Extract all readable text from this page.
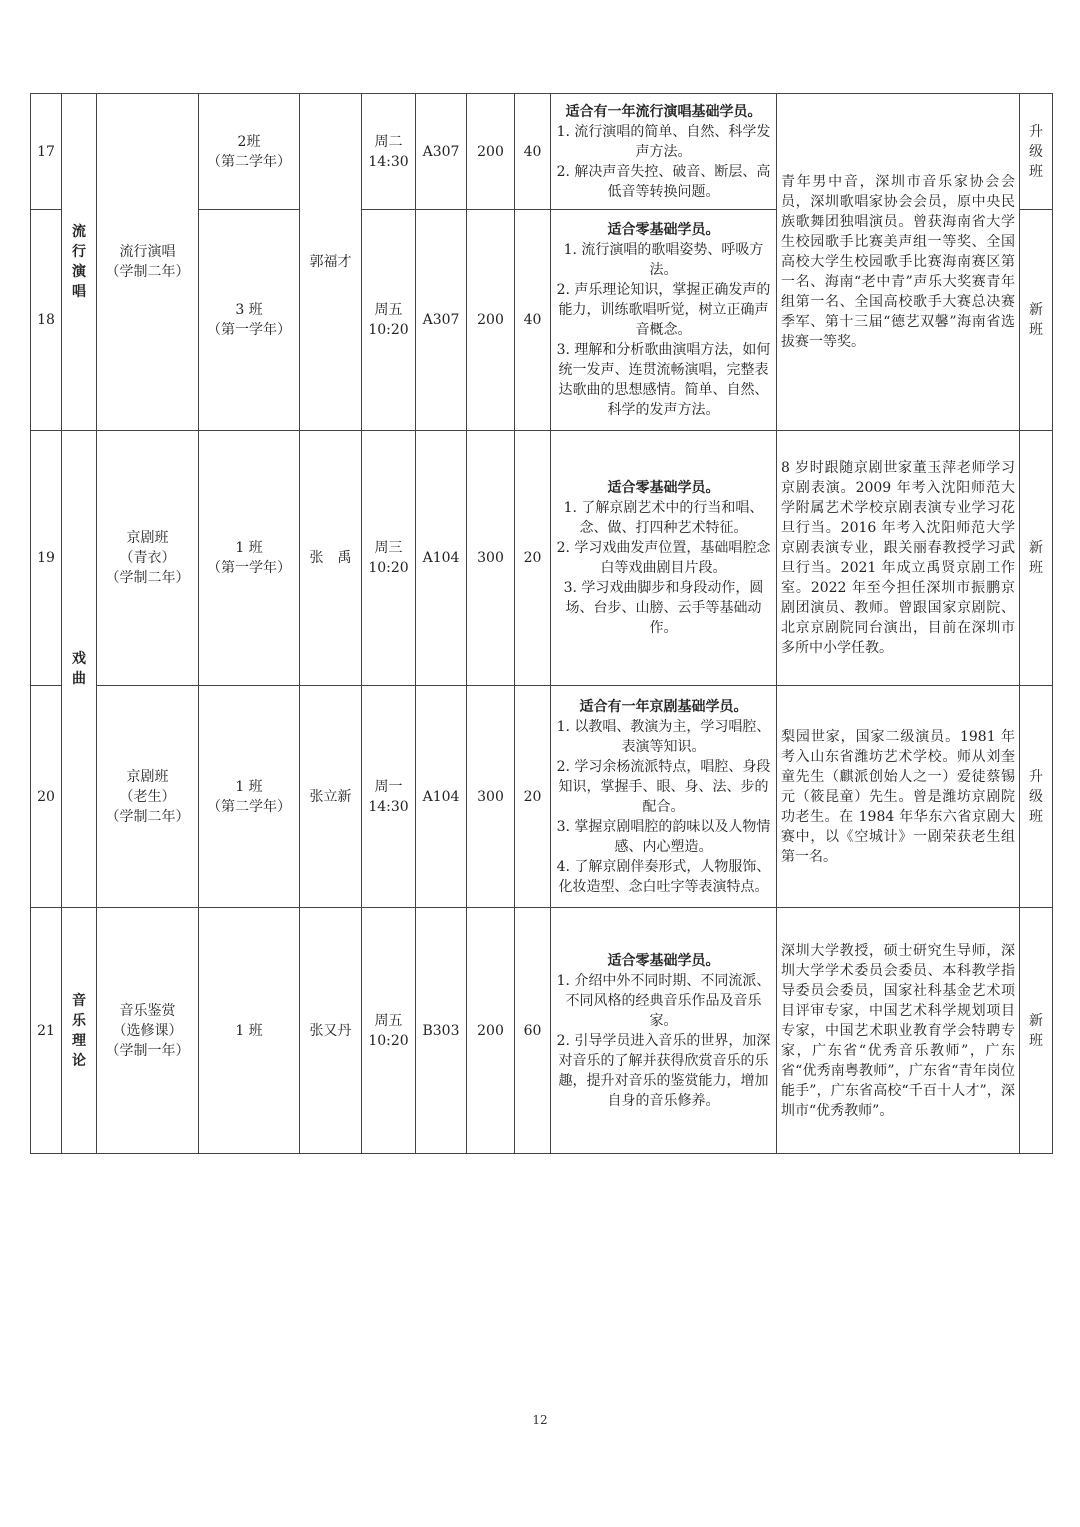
17	流
行
演
唱	流行演唱
（学制二年）	2班
（第二学年）	郭福才	周二
14:30	A307	200	40	适合有一年流行演唱基础学员。
1. 流行演唱的简单、自然、科学发声方法。
2. 解决声音失控、破音、断层、高低音等转换问题。	青年男中音，深圳市音乐家协会会员，深圳歌唱家协会会员，原中央民族歌舞团独唱演员。曾获海南省大学生校园歌手比赛美声组一等奖、全国高校大学生校园歌手比赛海南赛区第一名、海南“老中青”声乐大奖赛青年组第一名、全国高校歌手大赛总决赛季军、第十三届“德艺双馨”海南省选拔赛一等奖。	升
级
班

18			3 班
（第一学年）		周五
10:20	A307	200	40	适合零基础学员。
1. 流行演唱的歌唱姿势、呼吸方法。
2. 声乐理论知识，掌握正确发声的能力，训练歌唱听觉，树立正确声音概念。
3. 理解和分析歌曲演唱方法，如何统一发声、连贯流畅演唱，完整表达歌曲的思想感情。简单、自然、科学的发声方法。		新
班

19	戏
曲	京剧班
（青衣）
（学制二年）	1 班
（第一学年）	张　禹	周三
10:20	A104	300	20	适合零基础学员。
1. 了解京剧艺术中的行当和唱、念、做、打四种艺术特征。
2. 学习戏曲发声位置，基础唱腔念白等戏曲剧目片段。
3. 学习戏曲脚步和身段动作，圆场、台步、山膀、云手等基础动作。	8 岁时跟随京剧世家董玉萍老师学习京剧表演。2009 年考入沈阳师范大学附属艺术学校京剧表演专业学习花旦行当。2016 年考入沈阳师范大学京剧表演专业，跟关丽春教授学习武旦行当。2021 年成立禹贤京剧工作室。2022 年至今担任深圳市振鹏京剧团演员、教师。曾跟国家京剧院、北京京剧院同台演出，目前在深圳市多所中小学任教。	新
班

20		京剧班
（老生）
（学制二年）	1 班
（第二学年）	张立新	周一
14:30	A104	300	20	适合有一年京剧基础学员。
1. 以教唱、教演为主，学习唱腔、表演等知识。
2. 学习余杨流派特点，唱腔、身段知识，掌握手、眼、身、法、步的配合。
3. 掌握京剧唱腔的韵味以及人物情感、内心塑造。
4. 了解京剧伴奏形式，人物服饰、化妆造型、念白吐字等表演特点。	梨园世家，国家二级演员。1981 年考入山东省潍坊艺术学校。师从刘奎童先生（麒派创始人之一）爱徒蔡锡元（筱昆童）先生。曾是潍坊京剧院功老生。在 1984 年华东六省京剧大赛中，以《空城计》一剧荣获老生组第一名。	升
级
班

21	音
乐
理
论	音乐鉴赏
（选修课）
（学制一年）	1 班	张又丹	周五
10:20	B303	200	60	适合零基础学员。
1. 介绍中外不同时期、不同流派、不同风格的经典音乐作品及音乐家。
2. 引导学员进入音乐的世界，加深对音乐的了解并获得欣赏音乐的乐趣，提升对音乐的鉴赏能力，增加自身的音乐修养。	深圳大学教授，硕士研究生导师，深圳大学学术委员会委员、本科教学指导委员会委员，国家社科基金艺术项目评审专家，中国艺术科学规划项目专家，中国艺术职业教育学会特聘专家，广东省“优秀音乐教师”，广东省“优秀南粤教师”，广东省“青年岗位能手”，广东省高校“千百十人才”，深圳市“优秀教师”。	新
班
12
